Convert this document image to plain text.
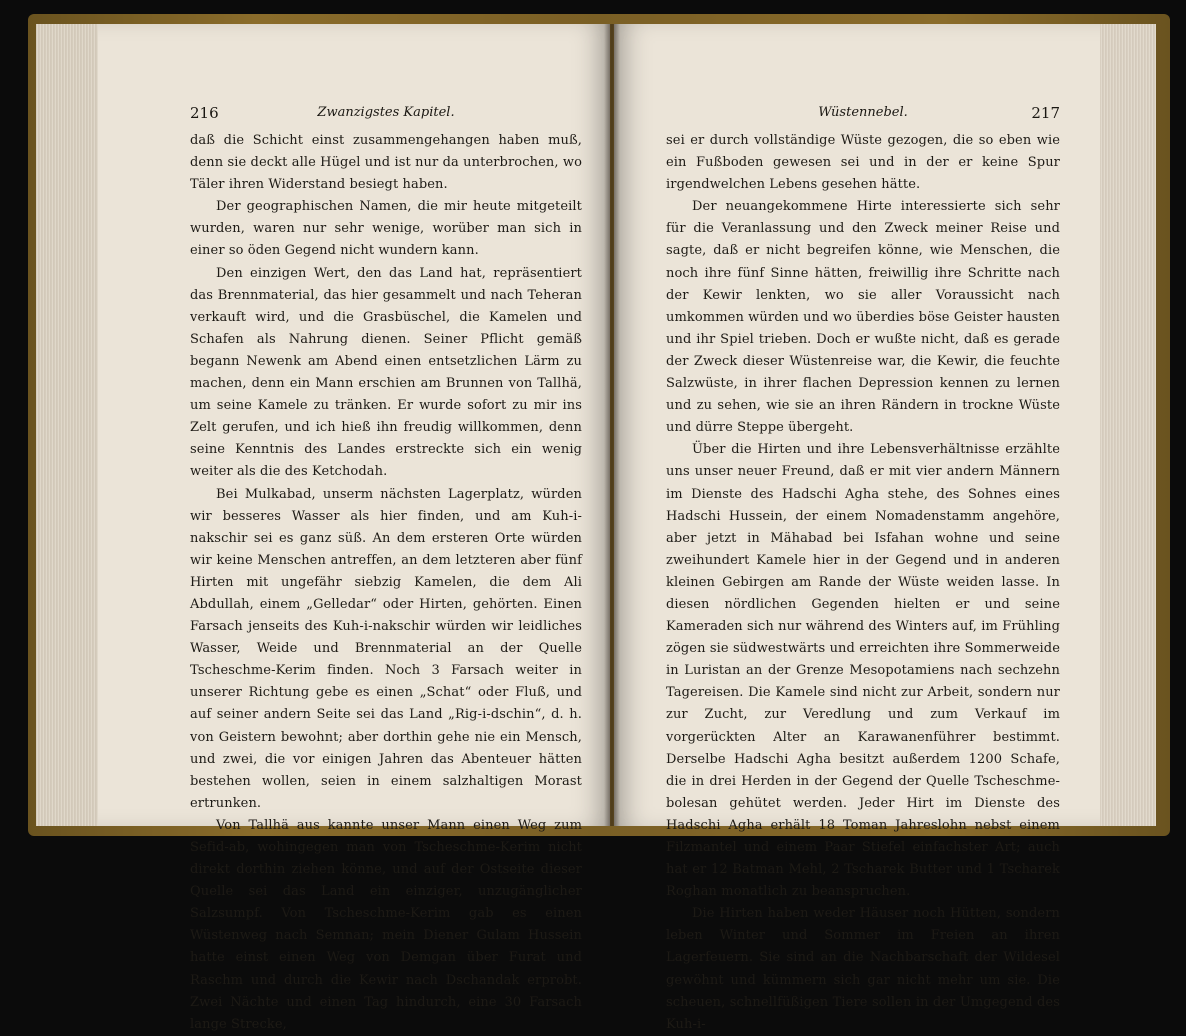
216	Zwanzigstes Kapitel.

daß die Schicht einst zusammengehangen haben muß, denn sie deckt alle Hügel und ist nur da unterbrochen, wo Täler ihren Widerstand besiegt haben.

Der geographischen Namen, die mir heute mitgeteilt wurden, waren nur sehr wenige, worüber man sich in einer so öden Gegend nicht wundern kann.

Den einzigen Wert, den das Land hat, repräsentiert das Brennmaterial, das hier gesammelt und nach Teheran verkauft wird, und die Grasbüschel, die Kamelen und Schafen als Nahrung dienen. Seiner Pflicht gemäß begann Newenk am Abend einen entsetzlichen Lärm zu machen, denn ein Mann erschien am Brunnen von Tallhä, um seine Kamele zu tränken. Er wurde sofort zu mir ins Zelt gerufen, und ich hieß ihn freudig willkommen, denn seine Kenntnis des Landes erstreckte sich ein wenig weiter als die des Ketchodah.

Bei Mulkabad, unserm nächsten Lagerplatz, würden wir besseres Wasser als hier finden, und am Kuh-i-nakschir sei es ganz süß. An dem ersteren Orte würden wir keine Menschen antreffen, an dem letzteren aber fünf Hirten mit ungefähr siebzig Kamelen, die dem Ali Abdullah, einem „Gelledar“ oder Hirten, gehörten. Einen Farsach jenseits des Kuh-i-nakschir würden wir leidliches Wasser, Weide und Brennmaterial an der Quelle Tscheschme-Kerim finden. Noch 3 Farsach weiter in unserer Richtung gebe es einen „Schat“ oder Fluß, und auf seiner andern Seite sei das Land „Rig-i-dschin“, d. h. von Geistern bewohnt; aber dorthin gehe nie ein Mensch, und zwei, die vor einigen Jahren das Abenteuer hätten bestehen wollen, seien in einem salzhaltigen Morast ertrunken.

Von Tallhä aus kannte unser Mann einen Weg zum Sefid-ab, wohingegen man von Tscheschme-Kerim nicht direkt dorthin ziehen könne, und auf der Ostseite dieser Quelle sei das Land ein einziger, unzugänglicher Salzsumpf. Von Tscheschme-Kerim gab es einen Wüstenweg nach Semnan; mein Diener Gulam Hussein hatte einst einen Weg von Demgan über Furat und Raschm und durch die Kewir nach Dschandak erprobt. Zwei Nächte und einen Tag hindurch, eine 30 Farsach lange Strecke,

Wüstennebel.	217

sei er durch vollständige Wüste gezogen, die so eben wie ein Fußboden gewesen sei und in der er keine Spur irgendwelchen Lebens gesehen hätte.

Der neuangekommene Hirte interessierte sich sehr für die Veranlassung und den Zweck meiner Reise und sagte, daß er nicht begreifen könne, wie Menschen, die noch ihre fünf Sinne hätten, freiwillig ihre Schritte nach der Kewir lenkten, wo sie aller Voraussicht nach umkommen würden und wo überdies böse Geister hausten und ihr Spiel trieben. Doch er wußte nicht, daß es gerade der Zweck dieser Wüstenreise war, die Kewir, die feuchte Salzwüste, in ihrer flachen Depression kennen zu lernen und zu sehen, wie sie an ihren Rändern in trockne Wüste und dürre Steppe übergeht.

Über die Hirten und ihre Lebensverhältnisse erzählte uns unser neuer Freund, daß er mit vier andern Männern im Dienste des Hadschi Agha stehe, des Sohnes eines Hadschi Hussein, der einem Nomadenstamm angehöre, aber jetzt in Mähabad bei Isfahan wohne und seine zweihundert Kamele hier in der Gegend und in anderen kleinen Gebirgen am Rande der Wüste weiden lasse. In diesen nördlichen Gegenden hielten er und seine Kameraden sich nur während des Winters auf, im Frühling zögen sie südwestwärts und erreichten ihre Sommerweide in Luristan an der Grenze Mesopotamiens nach sechzehn Tagereisen. Die Kamele sind nicht zur Arbeit, sondern nur zur Zucht, zur Veredlung und zum Verkauf im vorgerückten Alter an Karawanenführer bestimmt. Derselbe Hadschi Agha besitzt außerdem 1200 Schafe, die in drei Herden in der Gegend der Quelle Tscheschme-bolesan gehütet werden. Jeder Hirt im Dienste des Hadschi Agha erhält 18 Toman Jahreslohn nebst einem Filzmantel und einem Paar Stiefel einfachster Art; auch hat er 12 Batman Mehl, 2 Tscharek Butter und 1 Tscharek Roghan monatlich zu beanspruchen.

Die Hirten haben weder Häuser noch Hütten, sondern leben Winter und Sommer im Freien an ihren Lagerfeuern. Sie sind an die Nachbarschaft der Wildesel gewöhnt und kümmern sich gar nicht mehr um sie. Die scheuen, schnellfüßigen Tiere sollen in der Umgegend des Kuh-i-
